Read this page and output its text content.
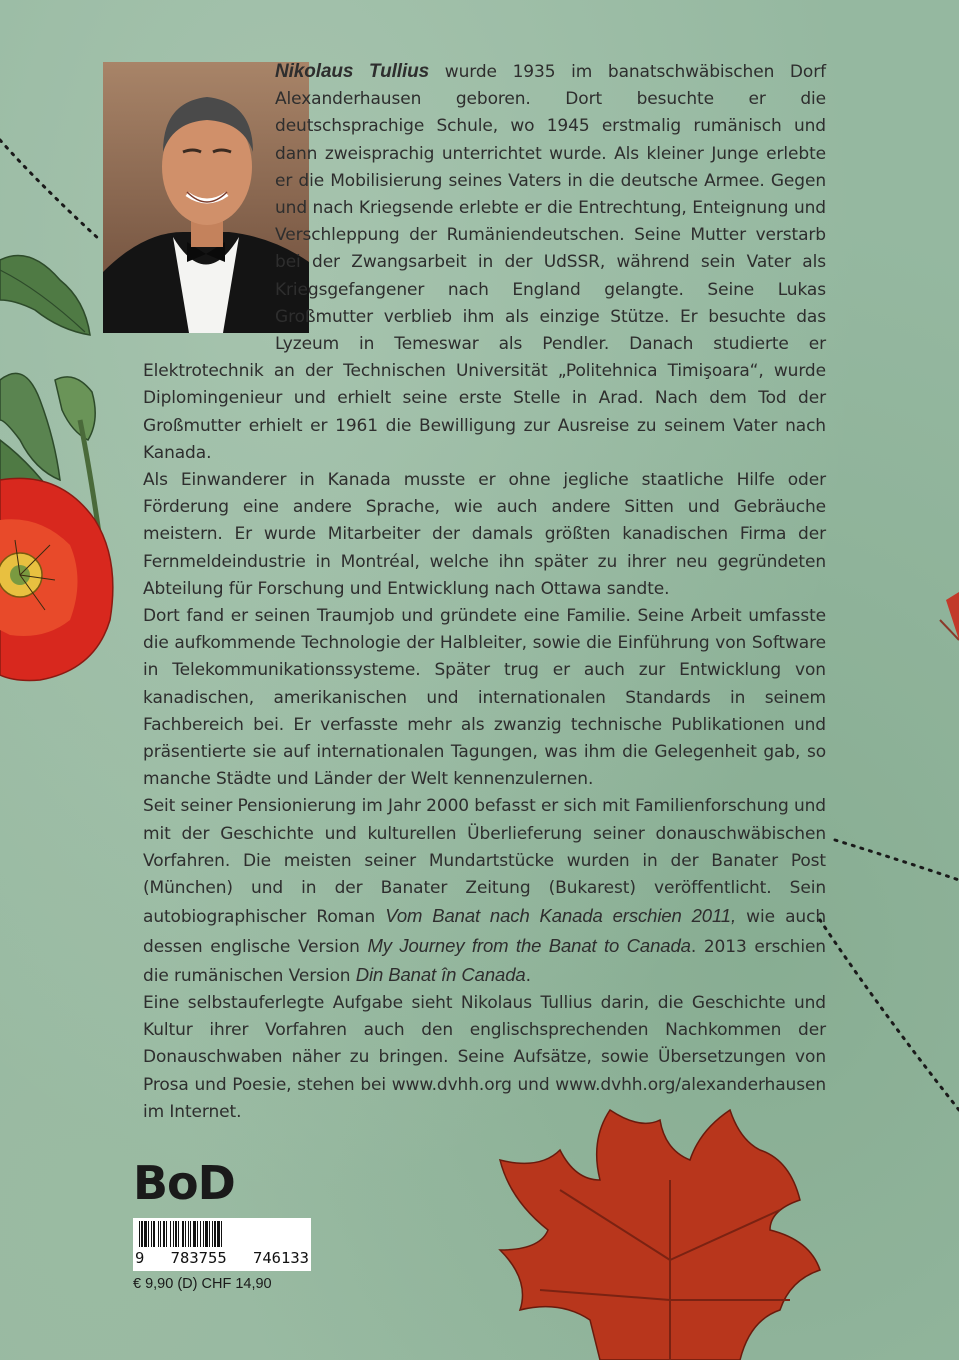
Nikolaus Tullius wurde 1935 im banatschwäbischen Dorf Alexanderhausen geboren. Dort besuchte er die deutschsprachige Schule, wo 1945 erstmalig rumänisch und dann zweisprachig unterrichtet wurde. Als kleiner Junge erlebte er die Mobilisierung seines Vaters in die deutsche Armee. Gegen und nach Kriegsende erlebte er die Entrechtung, Enteignung und Verschleppung der Rumäniendeutschen. Seine Mutter verstarb bei der Zwangsarbeit in der UdSSR, während sein Vater als Kriegsgefangener nach England gelangte. Seine Lukas Großmutter verblieb ihm als einzige Stütze. Er besuchte das Lyzeum in Temeswar als Pendler. Danach studierte er Elektrotechnik an der Technischen Universität „Politehnica Timişoara“, wurde Diplomingenieur und erhielt seine erste Stelle in Arad. Nach dem Tod der Großmutter erhielt er 1961 die Bewilligung zur Ausreise zu seinem Vater nach Kanada.

Als Einwanderer in Kanada musste er ohne jegliche staatliche Hilfe oder Förderung eine andere Sprache, wie auch andere Sitten und Gebräuche meistern. Er wurde Mitarbeiter der damals größten kanadischen Firma der Fernmeldeindustrie in Montréal, welche ihn später zu ihrer neu gegründeten Abteilung für Forschung und Entwicklung nach Ottawa sandte.

Dort fand er seinen Traumjob und gründete eine Familie. Seine Arbeit umfasste die aufkommende Technologie der Halbleiter, sowie die Einführung von Software in Telekommunikationssysteme. Später trug er auch zur Entwicklung von kanadischen, amerikanischen und internationalen Standards in seinem Fachbereich bei. Er verfasste mehr als zwanzig technische Publikationen und präsentierte sie auf internationalen Tagungen, was ihm die Gelegenheit gab, so manche Städte und Länder der Welt kennenzulernen.

Seit seiner Pensionierung im Jahr 2000 befasst er sich mit Familienforschung und mit der Geschichte und kulturellen Überlieferung seiner donauschwäbischen Vorfahren. Die meisten seiner Mundartstücke wurden in der Banater Post (München) und in der Banater Zeitung (Bukarest) veröffentlicht. Sein autobiographischer Roman Vom Banat nach Kanada erschien 2011, wie auch dessen englische Version My Journey from the Banat to Canada. 2013 erschien die rumänischen Version Din Banat în Canada.

Eine selbstauferlegte Aufgabe sieht Nikolaus Tullius darin, die Geschichte und Kultur ihrer Vorfahren auch den englischsprechenden Nachkommen der Donauschwaben näher zu bringen. Seine Aufsätze, sowie Übersetzungen von Prosa und Poesie, stehen bei www.dvhh.org und www.dvhh.org/alexanderhausen im Internet.

BoD
9 783755 746133
€ 9,90 (D) CHF 14,90
